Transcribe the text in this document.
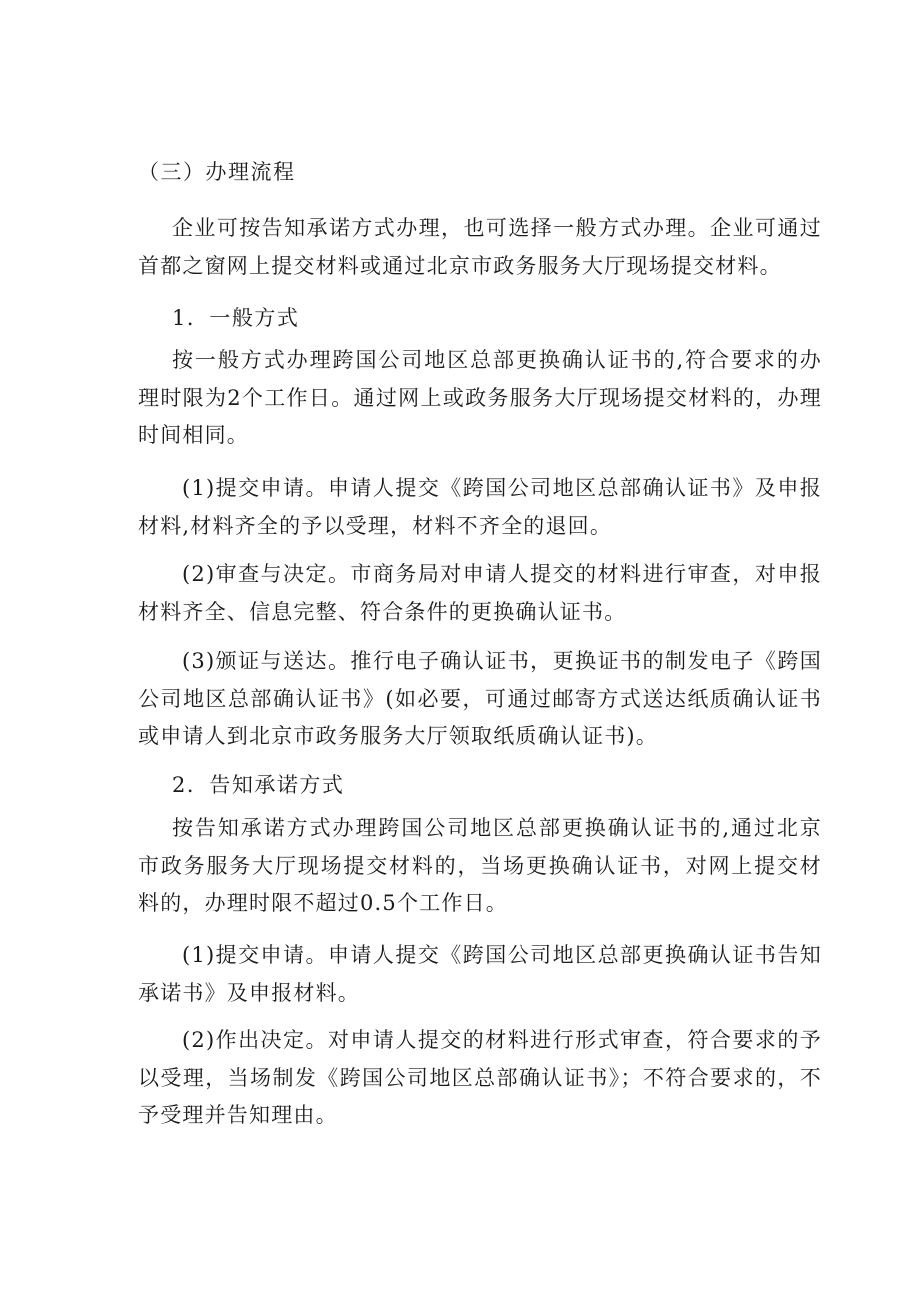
（三）办理流程
企业可按告知承诺方式办理，也可选择一般方式办理。企业可通过首都之窗网上提交材料或通过北京市政务服务大厅现场提交材料。
1．一般方式
按一般方式办理跨国公司地区总部更换确认证书的,符合要求的办理时限为2个工作日。通过网上或政务服务大厅现场提交材料的，办理时间相同。
(1)提交申请。申请人提交《跨国公司地区总部确认证书》及申报材料,材料齐全的予以受理，材料不齐全的退回。
(2)审查与决定。市商务局对申请人提交的材料进行审查，对申报材料齐全、信息完整、符合条件的更换确认证书。
(3)颁证与送达。推行电子确认证书，更换证书的制发电子《跨国公司地区总部确认证书》(如必要，可通过邮寄方式送达纸质确认证书或申请人到北京市政务服务大厅领取纸质确认证书)。
2．告知承诺方式
按告知承诺方式办理跨国公司地区总部更换确认证书的,通过北京市政务服务大厅现场提交材料的，当场更换确认证书，对网上提交材料的，办理时限不超过0.5个工作日。
(1)提交申请。申请人提交《跨国公司地区总部更换确认证书告知承诺书》及申报材料。
(2)作出决定。对申请人提交的材料进行形式审查，符合要求的予以受理，当场制发《跨国公司地区总部确认证书》；不符合要求的，不予受理并告知理由。
